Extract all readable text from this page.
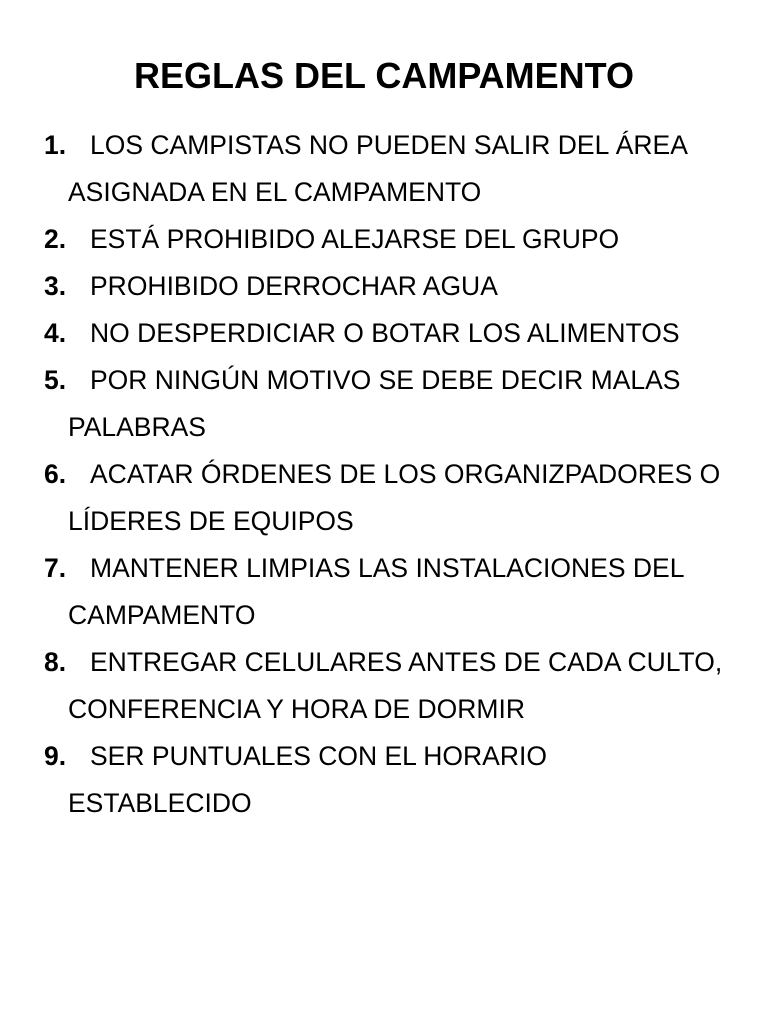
REGLAS DEL CAMPAMENTO
1. LOS CAMPISTAS NO PUEDEN SALIR DEL ÁREA ASIGNADA EN EL CAMPAMENTO
2. ESTÁ PROHIBIDO ALEJARSE DEL GRUPO
3. PROHIBIDO DERROCHAR AGUA
4. NO DESPERDICIAR O BOTAR LOS ALIMENTOS
5. POR NINGÚN MOTIVO SE DEBE DECIR MALAS PALABRAS
6. ACATAR ÓRDENES DE LOS ORGANIZPADORES O LÍDERES DE EQUIPOS
7. MANTENER LIMPIAS LAS INSTALACIONES DEL CAMPAMENTO
8. ENTREGAR CELULARES ANTES DE CADA CULTO, CONFERENCIA Y HORA DE DORMIR
9. SER PUNTUALES CON EL HORARIO ESTABLECIDO
